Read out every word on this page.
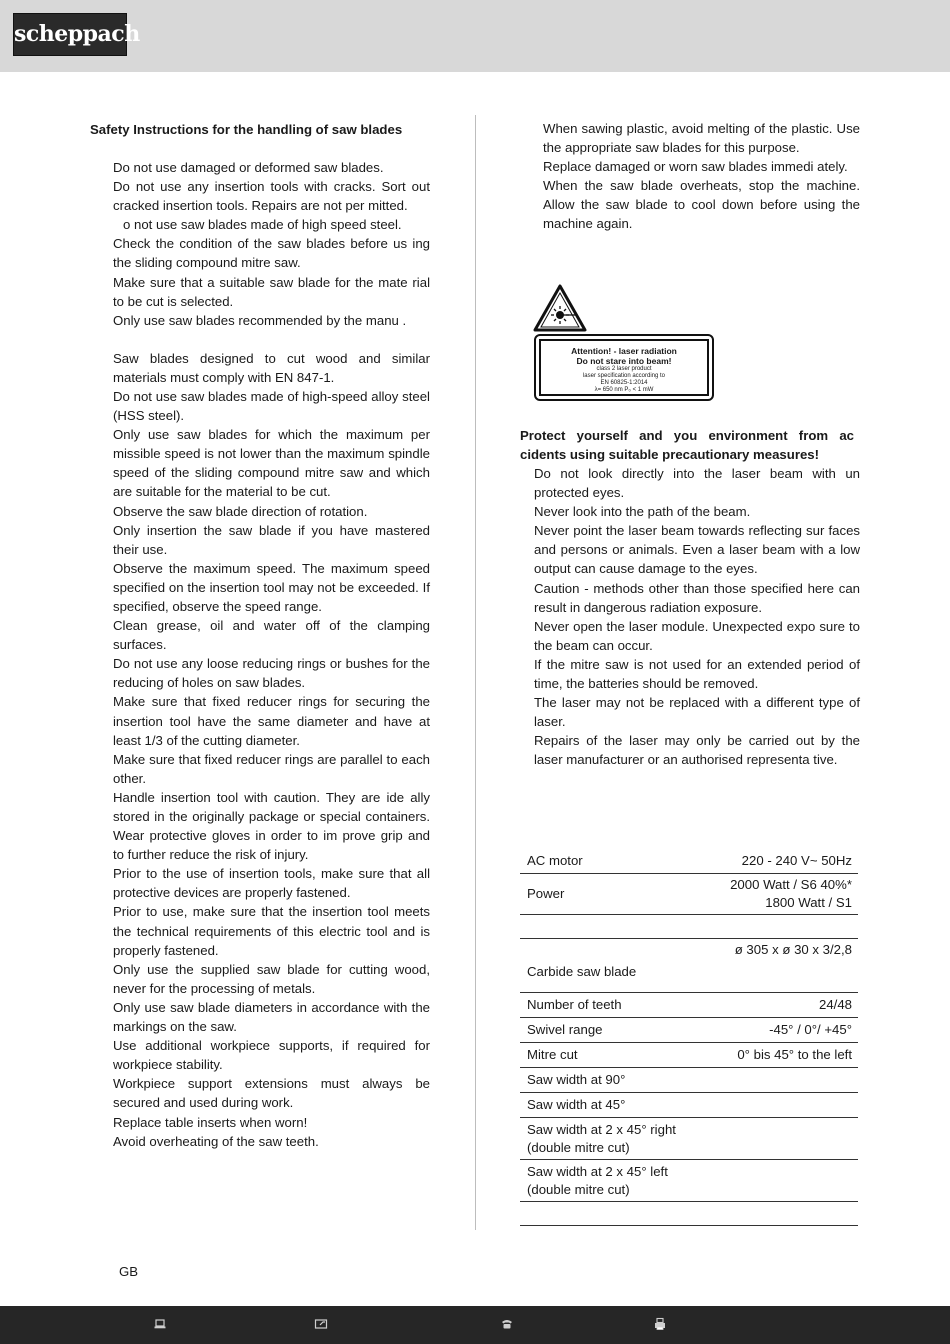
scheppach
Safety Instructions for the handling of saw blades
Do not use damaged or deformed saw blades.
Do not use any insertion tools with cracks. Sort out cracked insertion tools. Repairs are not per mitted.
o not use saw blades made of high speed steel.
Check the condition of the saw blades before us ing the sliding compound mitre saw.
Make sure that a suitable saw blade for the mate rial to be cut is selected.
Only use saw blades recommended by the manu .
Saw blades designed to cut wood and similar materials must comply with EN 847-1.
Do not use saw blades made of high-speed alloy steel (HSS steel).
Only use saw blades for which the maximum per missible speed is not lower than the maximum spindle speed of the sliding compound mitre saw and which are suitable for the material to be cut.
Observe the saw blade direction of rotation.
Only insertion the saw blade if you have mastered their use.
Observe the maximum speed. The maximum speed specified on the insertion tool may not be exceeded. If specified, observe the speed range.
Clean grease, oil and water off of the clamping surfaces.
Do not use any loose reducing rings or bushes for the reducing of holes on saw blades.
Make sure that fixed reducer rings for securing the insertion tool have the same diameter and have at least 1/3 of the cutting diameter.
Make sure that fixed reducer rings are parallel to each other.
Handle insertion tool with caution. They are ide ally stored in the originally package or special containers. Wear protective gloves in order to im prove grip and to further reduce the risk of injury.
Prior to the use of insertion tools, make sure that all protective devices are properly fastened.
Prior to use, make sure that the insertion tool meets the technical requirements of this electric tool and is properly fastened.
Only use the supplied saw blade for cutting wood, never for the processing of metals.
Only use saw blade diameters in accordance with the markings on the saw.
Use additional workpiece supports, if required for workpiece stability.
Workpiece support extensions must always be secured and used during work.
Replace table inserts when worn!
Avoid overheating of the saw teeth.
When sawing plastic, avoid melting of the plastic. Use the appropriate saw blades for this purpose.
Replace damaged or worn saw blades immedi ately.
When the saw blade overheats, stop the machine. Allow the saw blade to cool down before using the machine again.
Attention! - laser radiation
Do not stare into beam!
class 2 laser product
laser specification according to
EN 60825-1:2014
λ= 650 nm P₀ < 1 mW
Protect yourself and you environment from ac cidents using suitable precautionary measures!
Do not look directly into the laser beam with un protected eyes.
Never look into the path of the beam.
Never point the laser beam towards reflecting sur faces and persons or animals. Even a laser beam with a low output can cause damage to the eyes.
Caution - methods other than those specified here can result in dangerous radiation exposure.
Never open the laser module. Unexpected expo sure to the beam can occur.
If the mitre saw is not used for an extended period of time, the batteries should be removed.
The laser may not be replaced with a different type of laser.
Repairs of the laser may only be carried out by the laser manufacturer or an authorised representa tive.
AC motor	220 - 240 V~ 50Hz
Power	2000 Watt / S6 40%*
1800 Watt / S1

Carbide saw blade	ø 305 x ø 30 x 3/2,8
Number of teeth	24/48
Swivel range	-45° / 0°/ +45°
Mitre cut	0° bis 45° to the left
Saw width at 90°	
Saw width at 45°	

Saw width at 2 x 45° right
(double mitre cut)	

Saw width at 2 x 45° left
(double mitre cut)	

GB
